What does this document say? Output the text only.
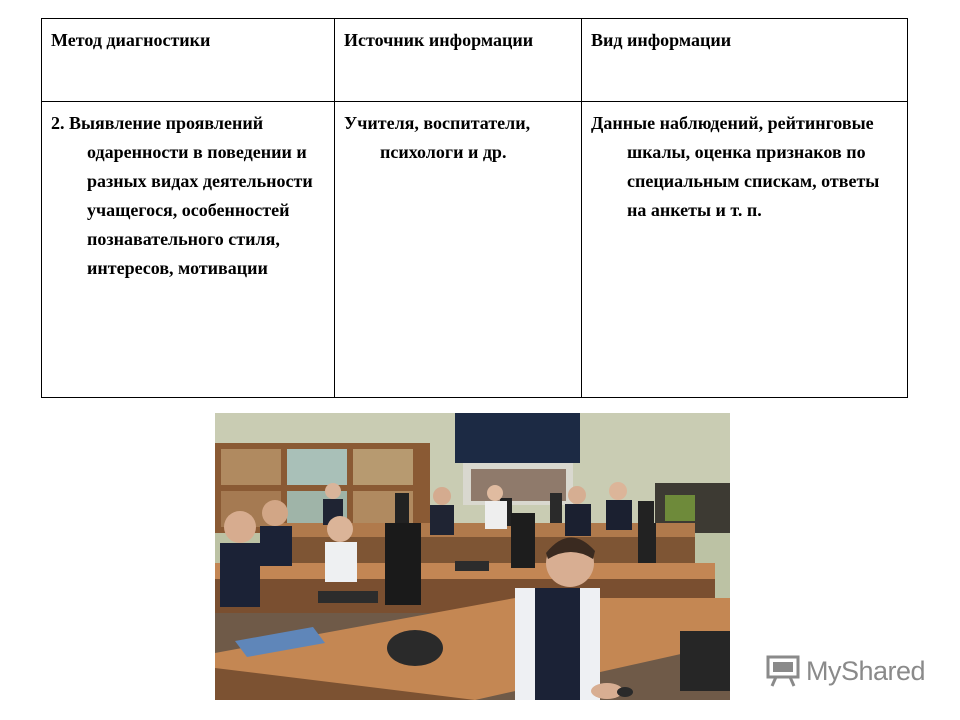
Метод диагностики	Источник информации	Вид информации

2. Выявление проявлений одаренности в поведении и разных видах деятельности учащегося, особенностей познавательного стиля, интересов, мотивации	Учителя, воспитатели, психологи и др.	Данные наблюдений, рейтинговые шкалы, оценка признаков по специальным спискам, ответы на анкеты и т. п.
MyShared
